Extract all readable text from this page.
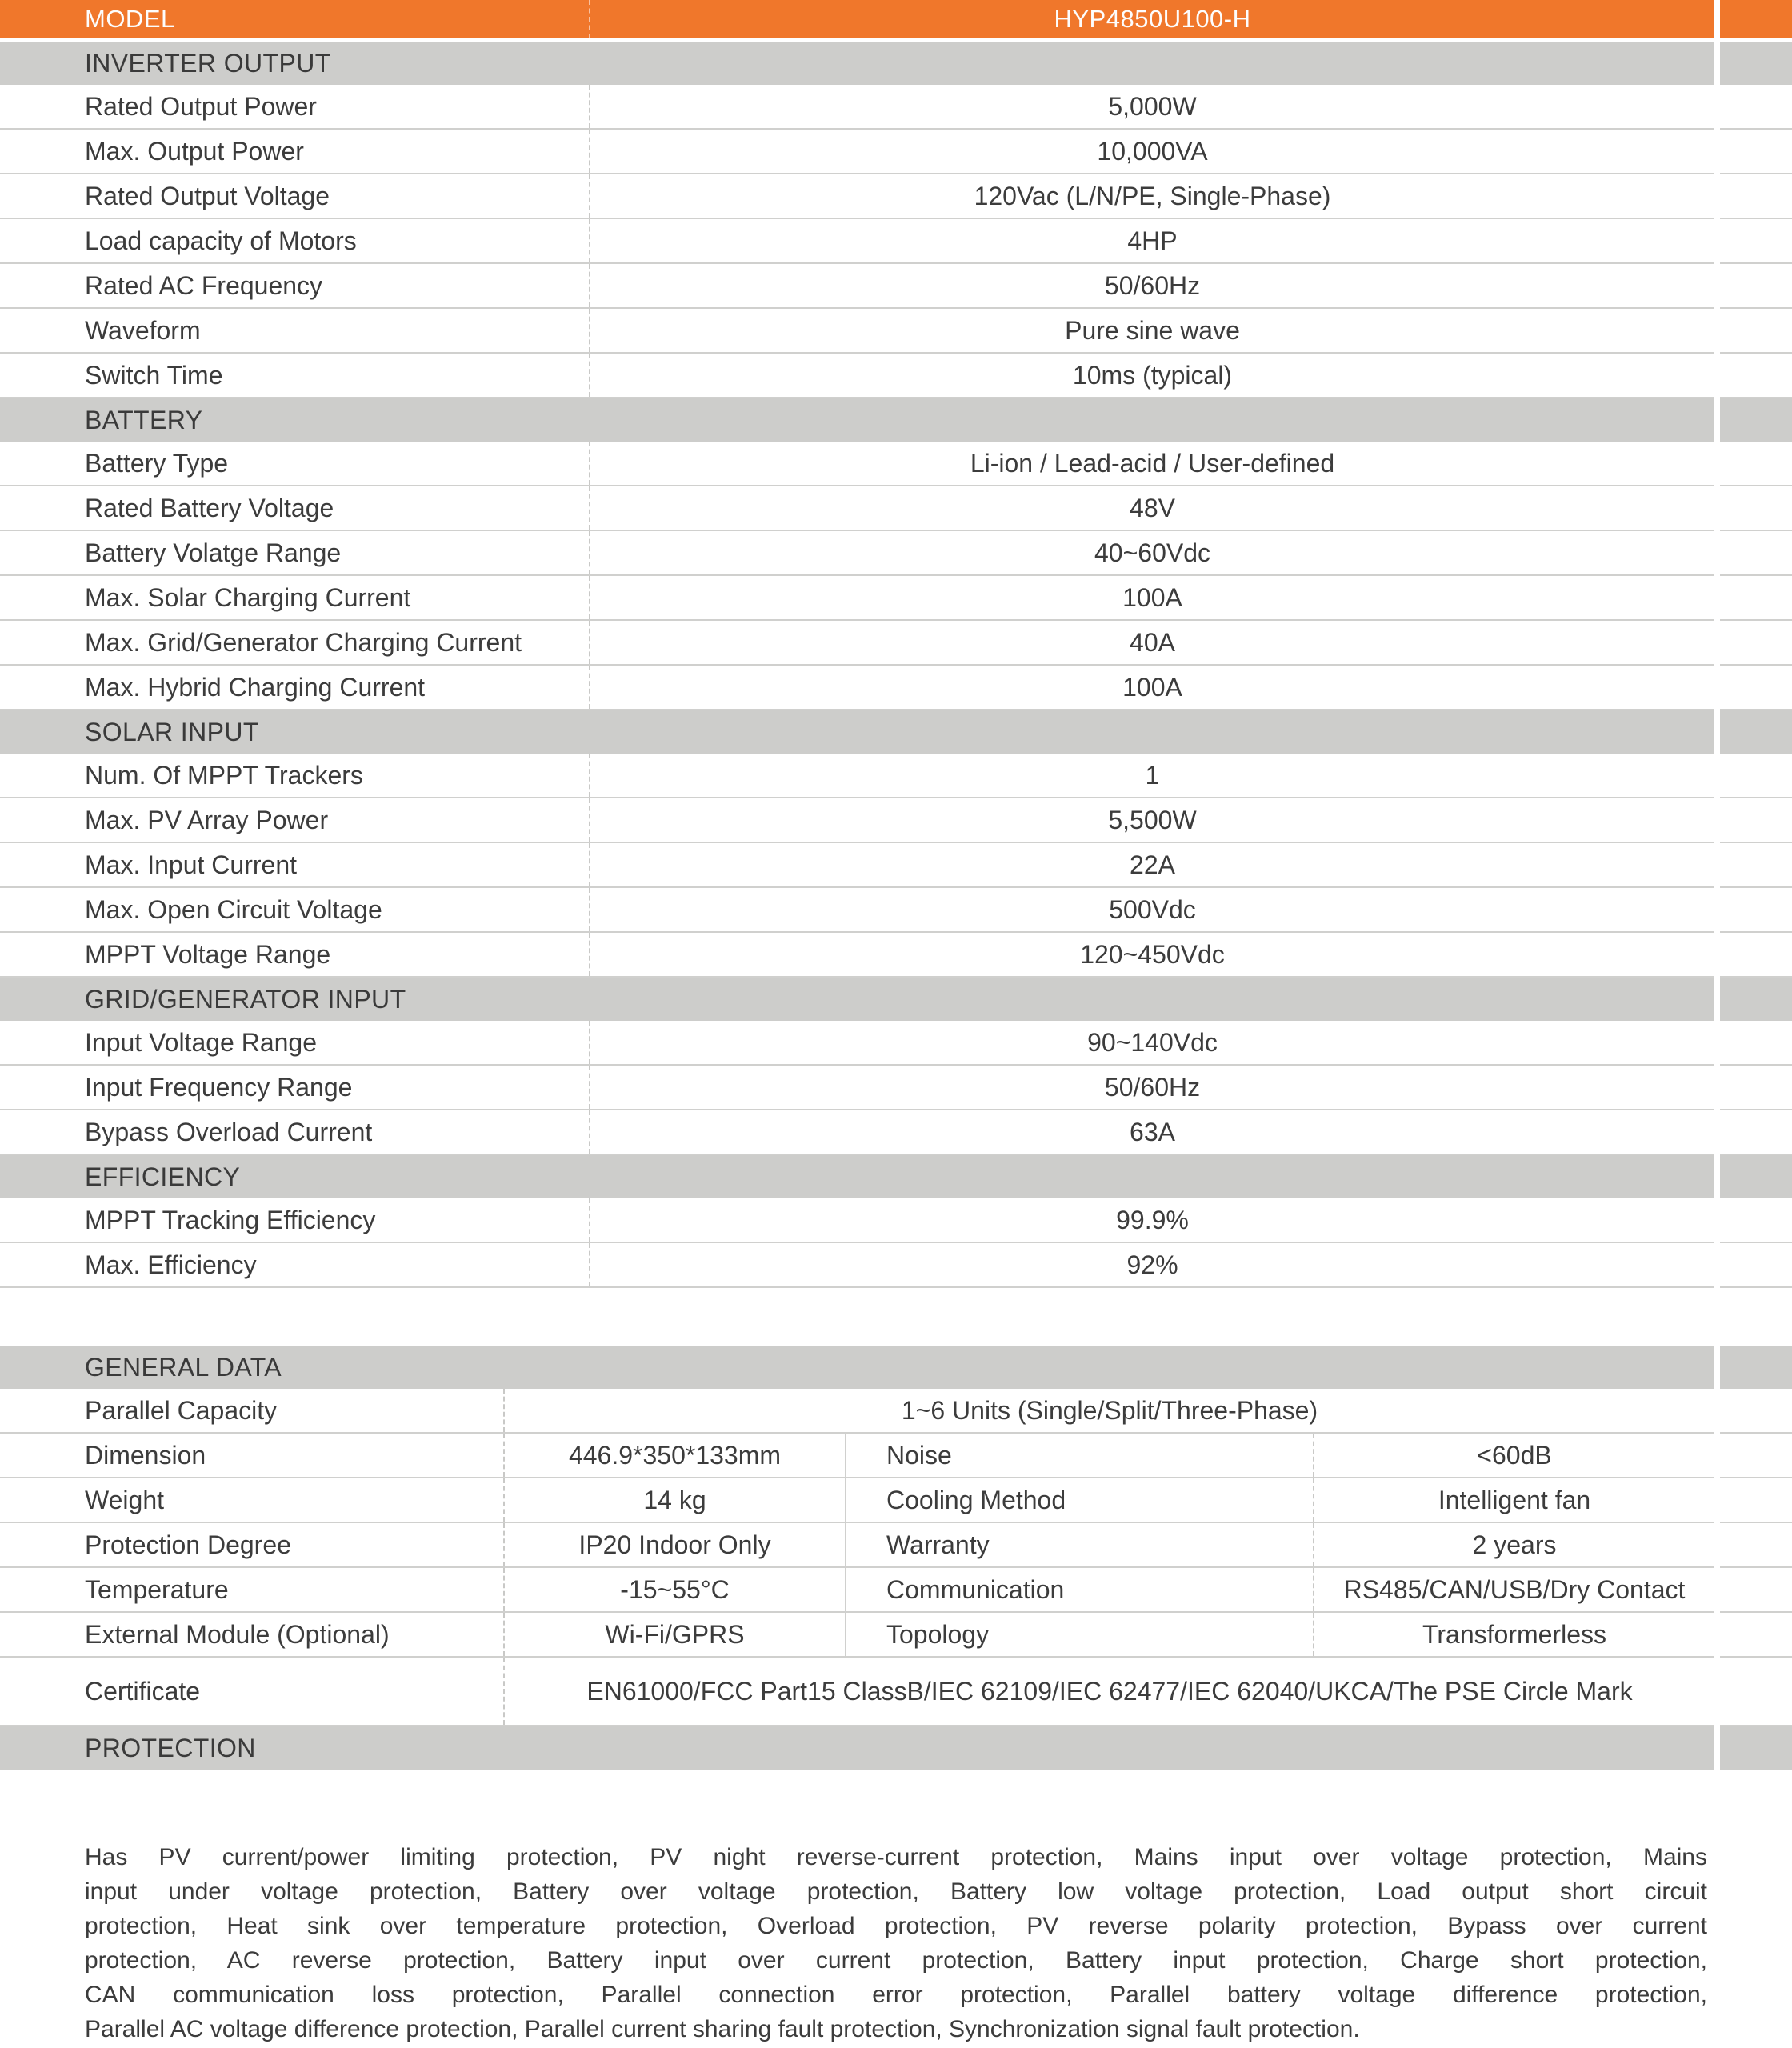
MODEL	HYP4850U100-H
INVERTER OUTPUT
Rated Output Power	5,000W
Max. Output Power	10,000VA
Rated Output Voltage	120Vac (L/N/PE, Single-Phase)
Load capacity of Motors	4HP
Rated AC Frequency	50/60Hz
Waveform	Pure sine wave
Switch Time	10ms (typical)
BATTERY
Battery Type	Li-ion / Lead-acid / User-defined
Rated Battery Voltage	48V
Battery Volatge Range	40~60Vdc
Max. Solar Charging Current	100A
Max. Grid/Generator Charging Current	40A
Max. Hybrid Charging Current	100A
SOLAR INPUT
Num. Of MPPT Trackers	1
Max. PV Array Power	5,500W
Max. Input Current	22A
Max. Open Circuit Voltage	500Vdc
MPPT Voltage Range	120~450Vdc
GRID/GENERATOR INPUT
Input Voltage Range	90~140Vdc
Input Frequency Range	50/60Hz
Bypass Overload Current	63A
EFFICIENCY
MPPT Tracking Efficiency	99.9%
Max. Efficiency	92%
GENERAL DATA
Parallel Capacity	1~6 Units (Single/Split/Three-Phase)
Dimension	446.9*350*133mm	Noise	<60dB
Weight	14 kg	Cooling Method	Intelligent fan
Protection Degree	IP20 Indoor Only	Warranty	2 years
Temperature	-15~55°C	Communication	RS485/CAN/USB/Dry Contact
External Module (Optional)	Wi-Fi/GPRS	Topology	Transformerless
Certificate	EN61000/FCC Part15 ClassB/IEC 62109/IEC 62477/IEC 62040/UKCA/The PSE Circle Mark
PROTECTION
Has PV current/power limiting protection, PV night reverse-current protection, Mains input over voltage protection, Mains
input under voltage protection, Battery over voltage protection, Battery low voltage protection, Load output short circuit
protection, Heat sink over temperature protection, Overload protection, PV reverse polarity protection, Bypass over current
protection, AC reverse protection, Battery input over current protection, Battery input protection, Charge short protection,
CAN communication loss protection, Parallel connection error protection, Parallel battery voltage difference protection,
Parallel AC voltage difference protection, Parallel current sharing fault protection, Synchronization signal fault protection.
